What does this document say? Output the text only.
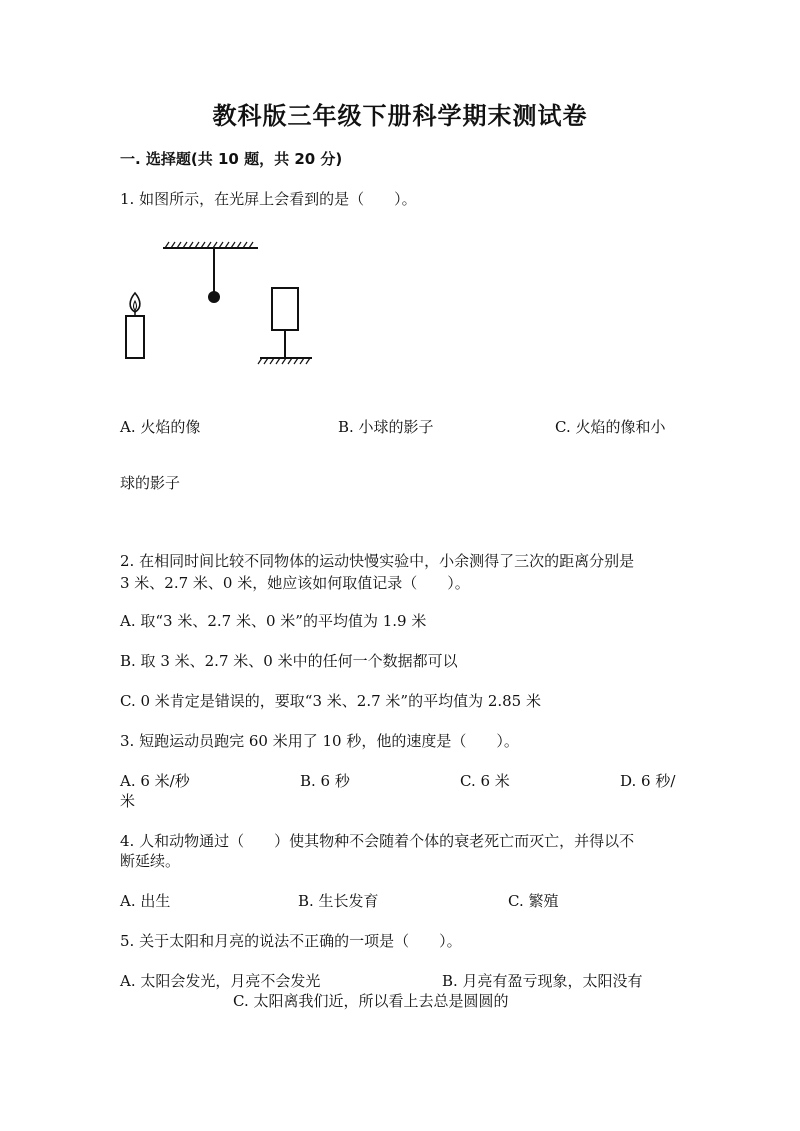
教科版三年级下册科学期末测试卷
一. 选择题(共 10 题，共 20 分)
1. 如图所示，在光屏上会看到的是（　　）。
A. 火焰的像	B. 小球的影子	C. 火焰的像和小
球的影子
2. 在相同时间比较不同物体的运动快慢实验中，小余测得了三次的距离分别是
3 米、2.7 米、0 米，她应该如何取值记录（　　）。
A. 取“3 米、2.7 米、0 米”的平均值为 1.9 米
B. 取 3 米、2.7 米、0 米中的任何一个数据都可以
C. 0 米肯定是错误的，要取“3 米、2.7 米”的平均值为 2.85 米
3. 短跑运动员跑完 60 米用了 10 秒，他的速度是（　　）。
A. 6 米/秒	B. 6 秒	C. 6 米	D. 6 秒/
米
4. 人和动物通过（　　）使其物种不会随着个体的衰老死亡而灭亡，并得以不
断延续。
A. 出生	B. 生长发育	C. 繁殖
5. 关于太阳和月亮的说法不正确的一项是（　　）。
A. 太阳会发光，月亮不会发光	B. 月亮有盈亏现象，太阳没有
C. 太阳离我们近，所以看上去总是圆圆的
